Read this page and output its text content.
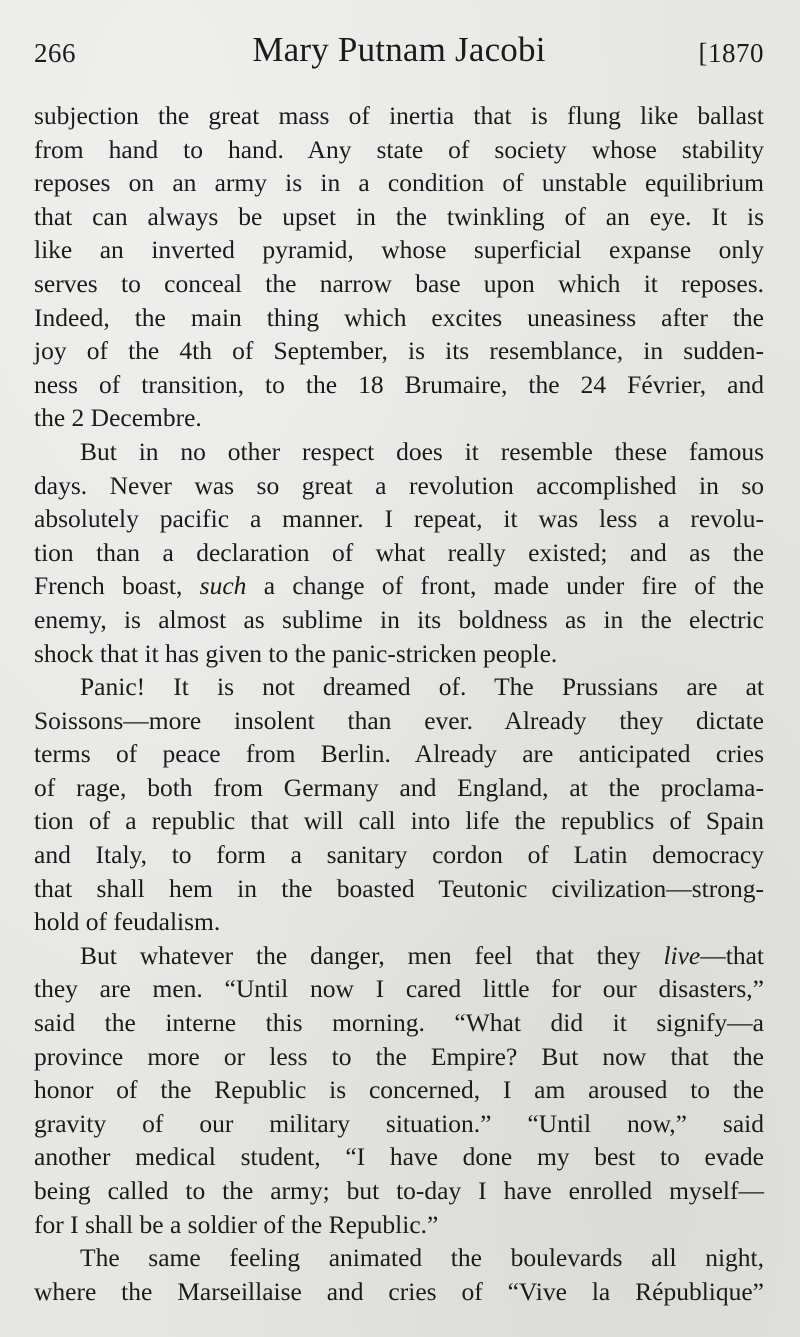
266	Mary Putnam Jacobi	[1870
subjection the great mass of inertia that is flung like ballast
from hand to hand. Any state of society whose stability
reposes on an army is in a condition of unstable equilibrium
that can always be upset in the twinkling of an eye. It is
like an inverted pyramid, whose superficial expanse only
serves to conceal the narrow base upon which it reposes.
Indeed, the main thing which excites uneasiness after the
joy of the 4th of September, is its resemblance, in sudden-
ness of transition, to the 18 Brumaire, the 24 Février, and
the 2 Decembre.
But in no other respect does it resemble these famous
days. Never was so great a revolution accomplished in so
absolutely pacific a manner. I repeat, it was less a revolu-
tion than a declaration of what really existed; and as the
French boast, such a change of front, made under fire of the
enemy, is almost as sublime in its boldness as in the electric
shock that it has given to the panic-stricken people.
Panic! It is not dreamed of. The Prussians are at
Soissons—more insolent than ever. Already they dictate
terms of peace from Berlin. Already are anticipated cries
of rage, both from Germany and England, at the proclama-
tion of a republic that will call into life the republics of Spain
and Italy, to form a sanitary cordon of Latin democracy
that shall hem in the boasted Teutonic civilization—strong-
hold of feudalism.
But whatever the danger, men feel that they live—that
they are men. “Until now I cared little for our disasters,”
said the interne this morning. “What did it signify—a
province more or less to the Empire? But now that the
honor of the Republic is concerned, I am aroused to the
gravity of our military situation.” “Until now,” said
another medical student, “I have done my best to evade
being called to the army; but to-day I have enrolled myself—
for I shall be a soldier of the Republic.”
The same feeling animated the boulevards all night,
where the Marseillaise and cries of “Vive la République”
